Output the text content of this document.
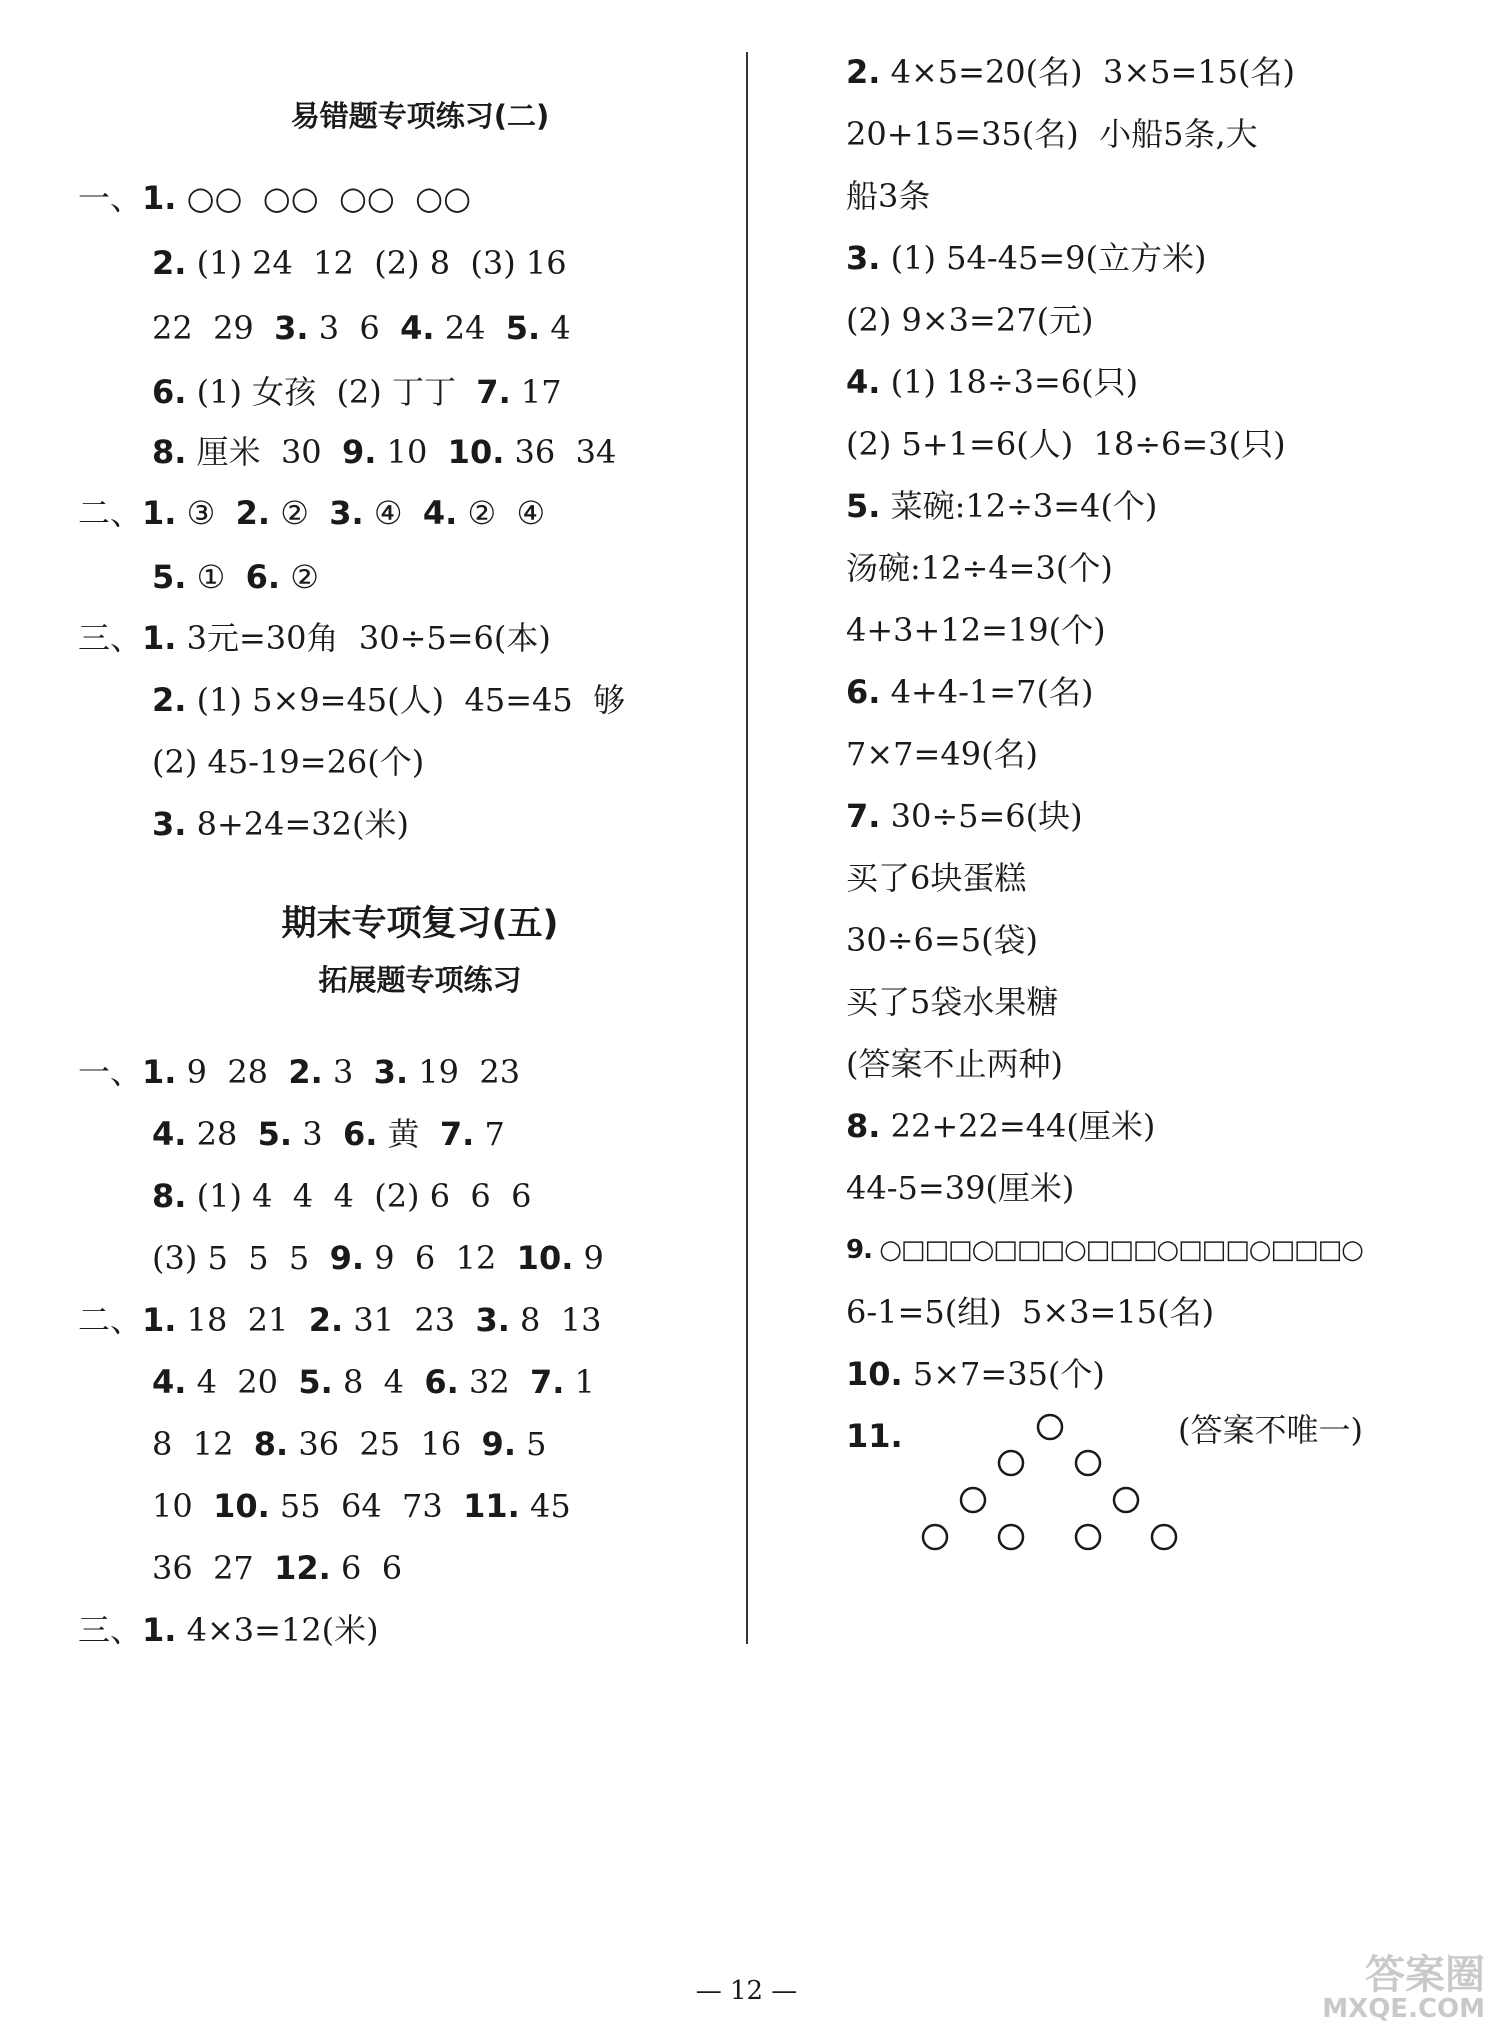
易错题专项练习(二)
期末专项复习(五)
拓展题专项练习
一、1. ○○  ○○  ○○  ○○
2. (1) 24  12  (2) 8  (3) 16
22  29  3. 3  6  4. 24  5. 4
6. (1) 女孩  (2) 丁丁  7. 17
8. 厘米  30  9. 10  10. 36  34
二、1. ③  2. ②  3. ④  4. ②  ④
5. ①  6. ②
三、1. 3元=30角  30÷5=6(本)
2. (1) 5×9=45(人)  45=45  够
(2) 45-19=26(个)
3. 8+24=32(米)
一、1. 9  28  2. 3  3. 19  23
4. 28  5. 3  6. 黄  7. 7
8. (1) 4  4  4  (2) 6  6  6
(3) 5  5  5  9. 9  6  12  10. 9
二、1. 18  21  2. 31  23  3. 8  13
4. 4  20  5. 8  4  6. 32  7. 1
8  12  8. 36  25  16  9. 5
10  10. 55  64  73  11. 45
36  27  12. 6  6
三、1. 4×3=12(米)
2. 4×5=20(名)  3×5=15(名)
20+15=35(名)  小船5条,大
船3条
3. (1) 54-45=9(立方米)
(2) 9×3=27(元)
4. (1) 18÷3=6(只)
(2) 5+1=6(人)  18÷6=3(只)
5. 菜碗:12÷3=4(个)
汤碗:12÷4=3(个)
4+3+12=19(个)
6. 4+4-1=7(名)
7×7=49(名)
7. 30÷5=6(块)
买了6块蛋糕
30÷6=5(袋)
买了5袋水果糖
(答案不止两种)
8. 22+22=44(厘米)
44-5=39(厘米)
9. ○□□□○□□□○□□□○□□□○□□□○
6-1=5(组)  5×3=15(名)
10. 5×7=35(个)
11.	(答案不唯一)
— 12 —	答案圈
MXQE.COM
